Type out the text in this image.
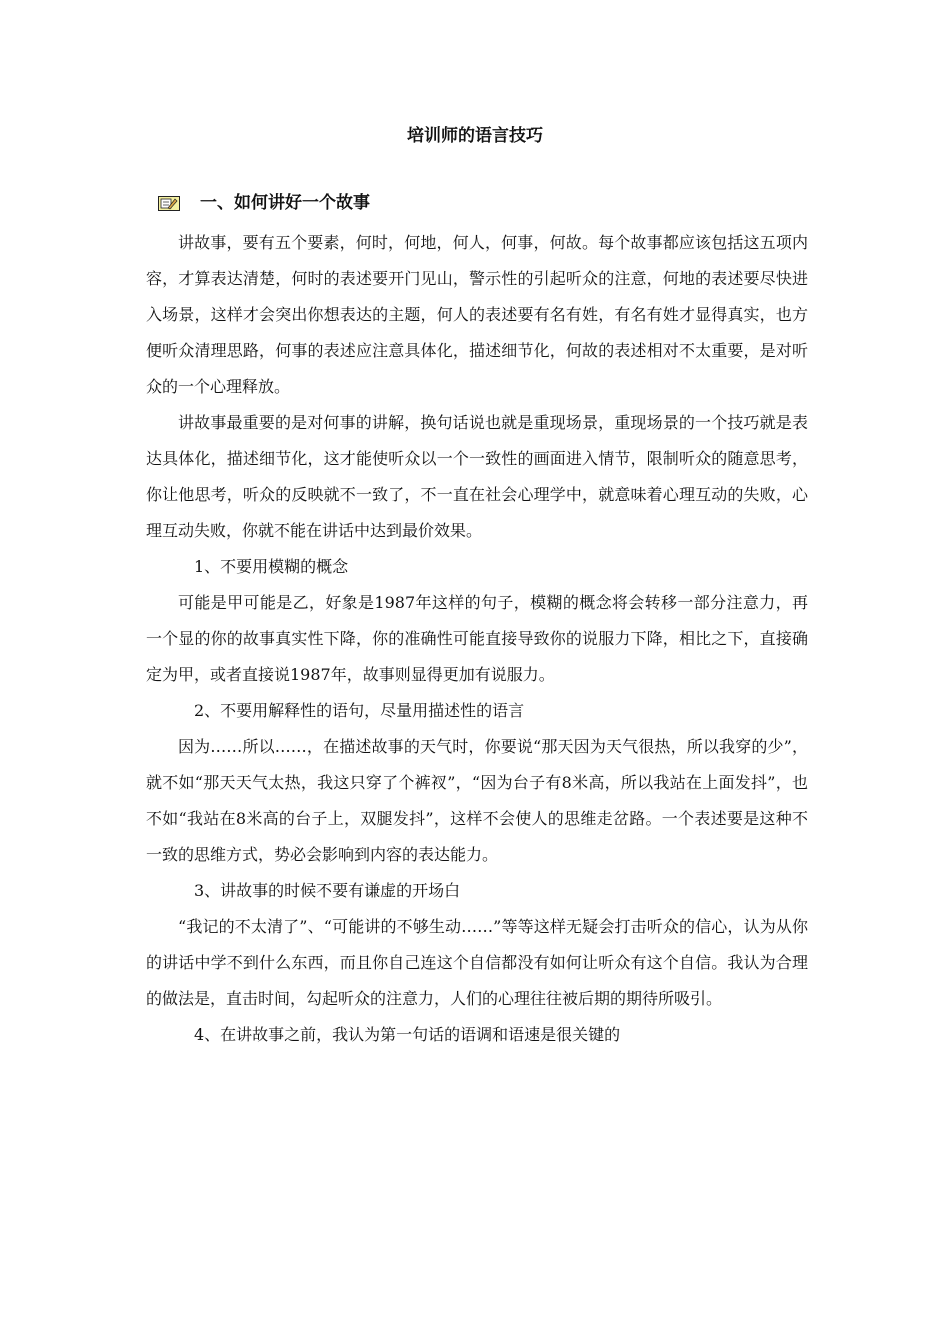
培训师的语言技巧
一、如何讲好一个故事

讲故事，要有五个要素，何时，何地，何人，何事，何故。每个故事都应该包括这五项内容，才算表达清楚，何时的表述要开门见山，警示性的引起听众的注意，何地的表述要尽快进入场景，这样才会突出你想表达的主题，何人的表述要有名有姓，有名有姓才显得真实，也方便听众清理思路，何事的表述应注意具体化，描述细节化，何故的表述相对不太重要，是对听众的一个心理释放。

讲故事最重要的是对何事的讲解，换句话说也就是重现场景，重现场景的一个技巧就是表达具体化，描述细节化，这才能使听众以一个一致性的画面进入情节，限制听众的随意思考，你让他思考，听众的反映就不一致了，不一直在社会心理学中，就意味着心理互动的失败，心理互动失败，你就不能在讲话中达到最价效果。

1、不要用模糊的概念

可能是甲可能是乙，好象是1987年这样的句子，模糊的概念将会转移一部分注意力，再一个显的你的故事真实性下降，你的准确性可能直接导致你的说服力下降，相比之下，直接确定为甲，或者直接说1987年，故事则显得更加有说服力。

2、不要用解释性的语句，尽量用描述性的语言

因为……所以……，在描述故事的天气时，你要说“那天因为天气很热，所以我穿的少”，就不如“那天天气太热，我这只穿了个裤衩”，“因为台子有8米高，所以我站在上面发抖”，也不如“我站在8米高的台子上，双腿发抖”，这样不会使人的思维走岔路。一个表述要是这种不一致的思维方式，势必会影响到内容的表达能力。

3、讲故事的时候不要有谦虚的开场白

“我记的不太清了”、“可能讲的不够生动……”等等这样无疑会打击听众的信心，认为从你的讲话中学不到什么东西，而且你自己连这个自信都没有如何让听众有这个自信。我认为合理的做法是，直击时间，勾起听众的注意力，人们的心理往往被后期的期待所吸引。

4、在讲故事之前，我认为第一句话的语调和语速是很关键的
